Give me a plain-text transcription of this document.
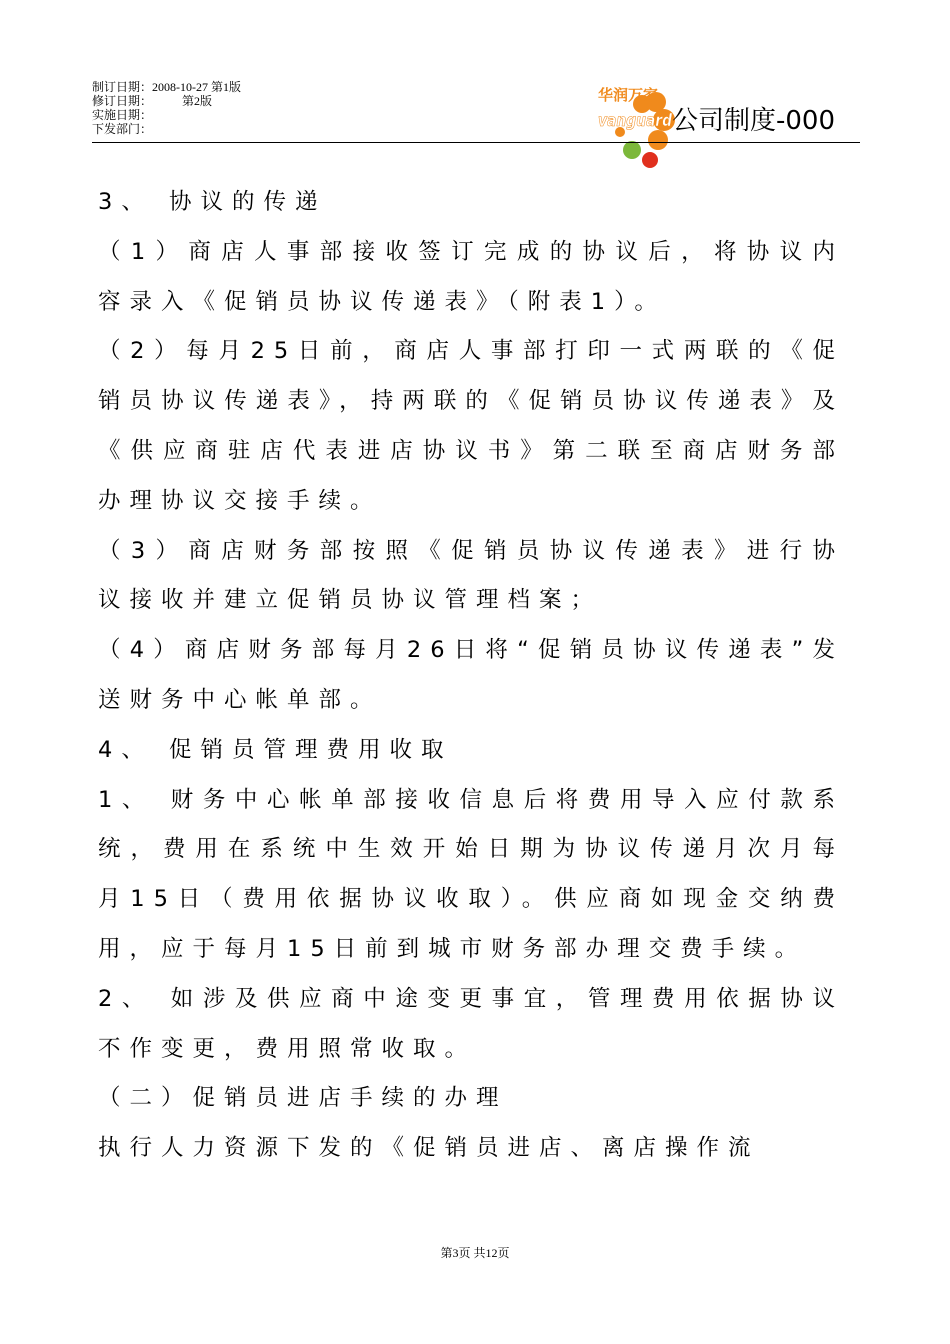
制订日期：2008-10-27 第1版
修订日期：          第2版
实施日期：
下发部门：
华润万家
vanguard 公司制度-000

3、 协议的传递

（1）商店人事部接收签订完成的协议后，将协议内容录入《促销员协议传递表》（附表1）。

（2）每月25日前，商店人事部打印一式两联的《促销员协议传递表》，持两联的《促销员协议传递表》及《供应商驻店代表进店协议书》第二联至商店财务部办理协议交接手续。

（3）商店财务部按照《促销员协议传递表》进行协议接收并建立促销员协议管理档案；

（4）商店财务部每月26日将“促销员协议传递表”发送财务中心帐单部。

4、 促销员管理费用收取

1、 财务中心帐单部接收信息后将费用导入应付款系统，费用在系统中生效开始日期为协议传递月次月每月15日（费用依据协议收取）。供应商如现金交纳费用，应于每月15日前到城市财务部办理交费手续。

2、 如涉及供应商中途变更事宜，管理费用依据协议不作变更，费用照常收取。

（二）促销员进店手续的办理

执行人力资源下发的《促销员进店、离店操作流

第3页 共12页
